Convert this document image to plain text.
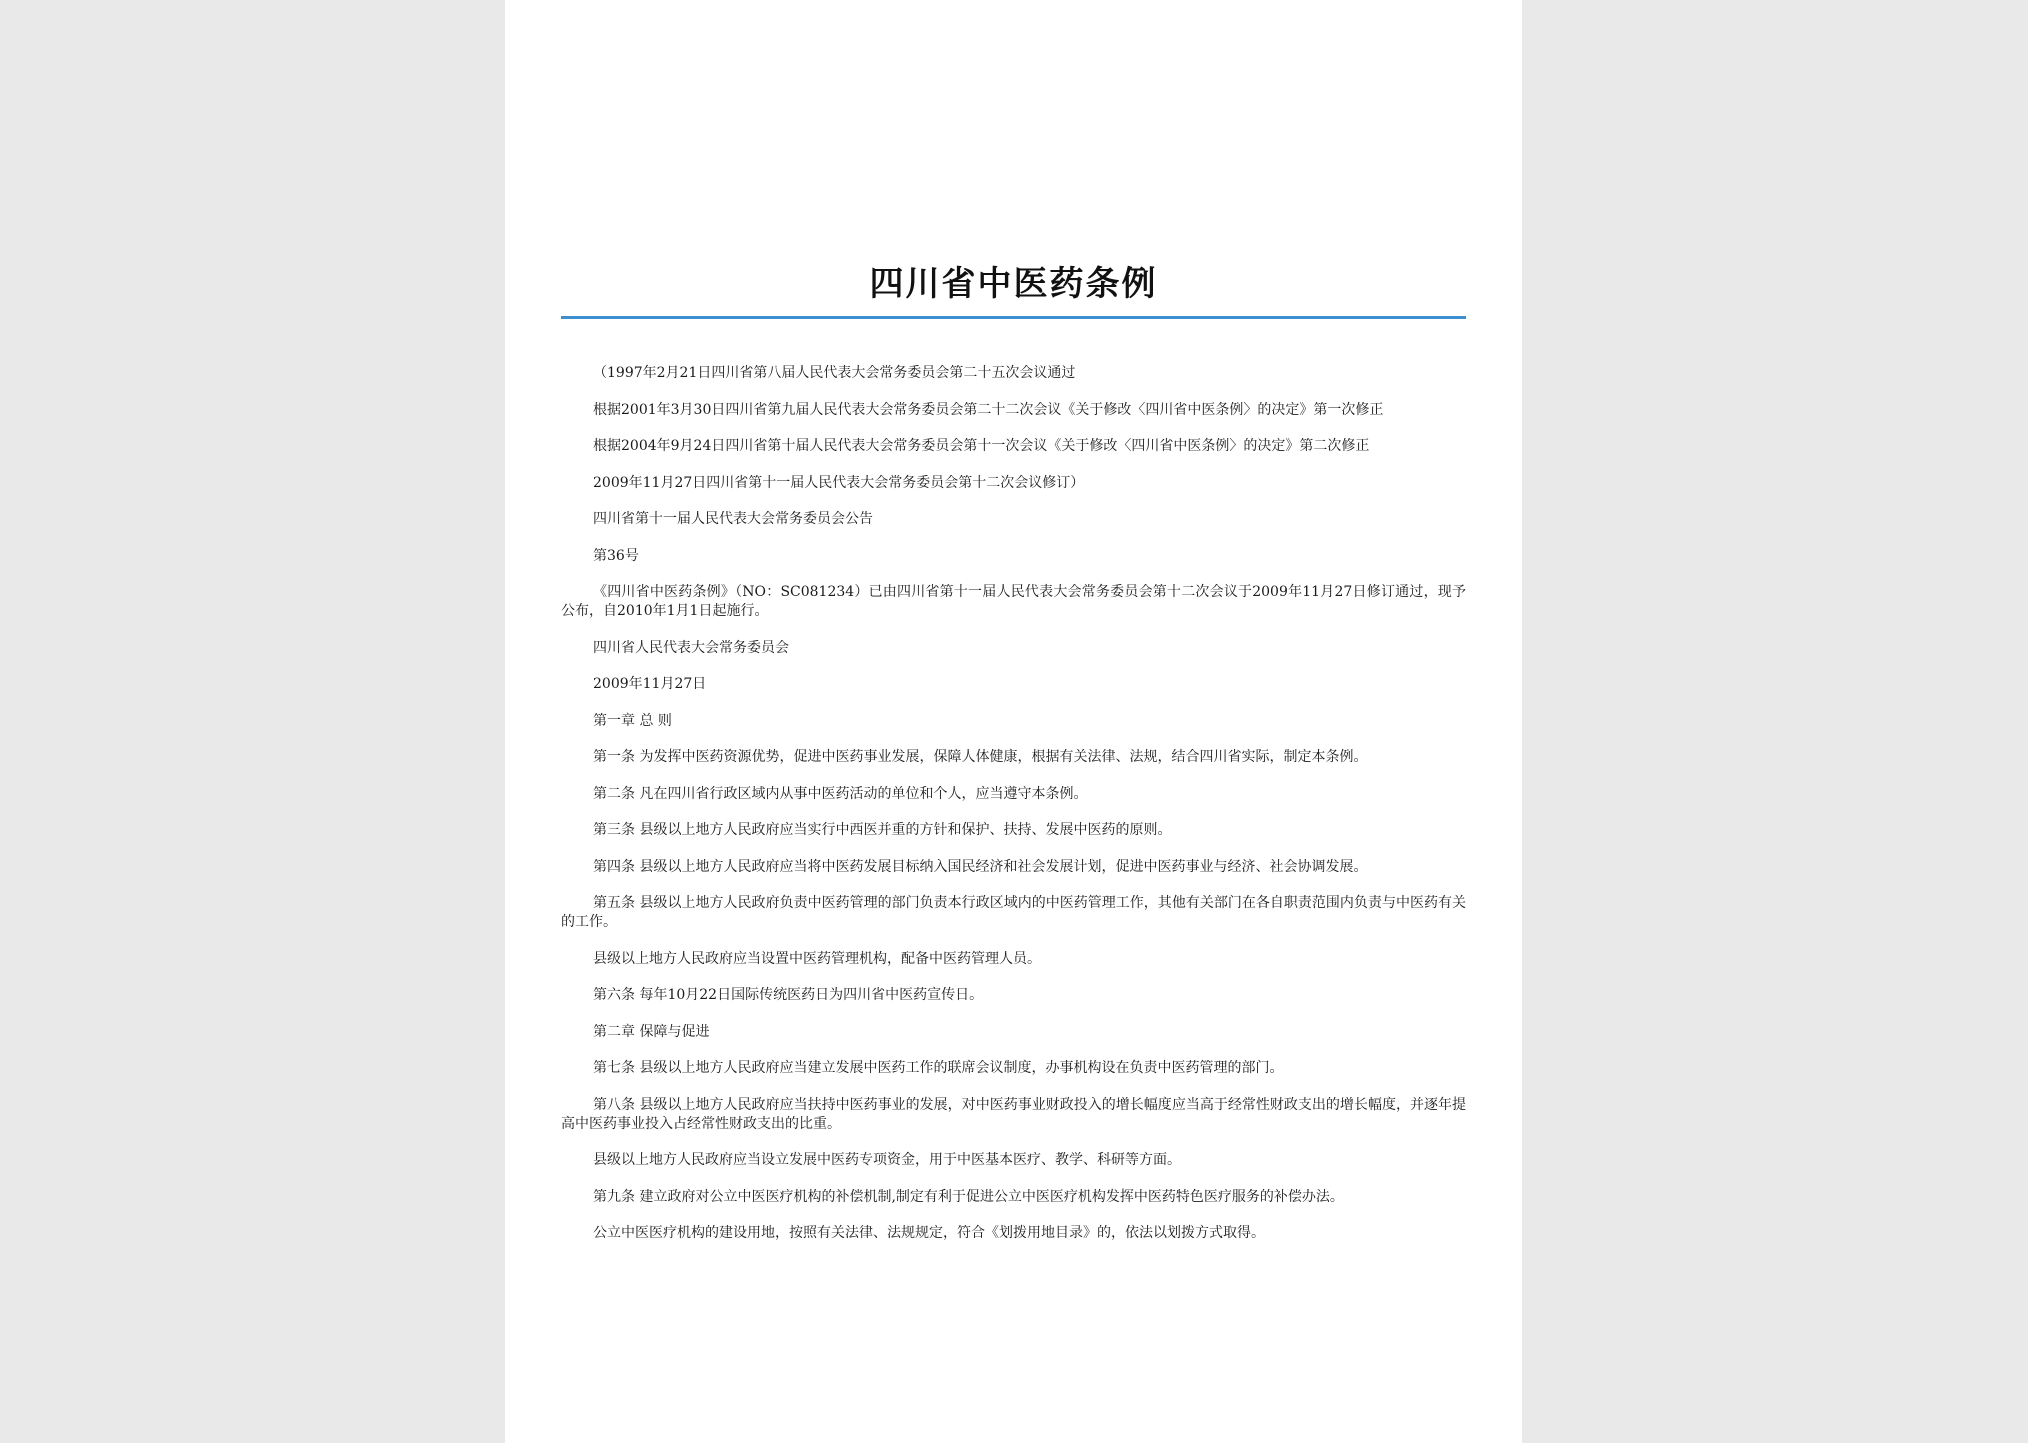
四川省中医药条例

（1997年2月21日四川省第八届人民代表大会常务委员会第二十五次会议通过

根据2001年3月30日四川省第九届人民代表大会常务委员会第二十二次会议《关于修改〈四川省中医条例〉的决定》第一次修正

根据2004年9月24日四川省第十届人民代表大会常务委员会第十一次会议《关于修改〈四川省中医条例〉的决定》第二次修正

2009年11月27日四川省第十一届人民代表大会常务委员会第十二次会议修订）

四川省第十一届人民代表大会常务委员会公告

第36号

《四川省中医药条例》（NO：SC081234）已由四川省第十一届人民代表大会常务委员会第十二次会议于2009年11月27日修订通过，现予公布，自2010年1月1日起施行。

四川省人民代表大会常务委员会

2009年11月27日

第一章 总 则

第一条 为发挥中医药资源优势，促进中医药事业发展，保障人体健康，根据有关法律、法规，结合四川省实际，制定本条例。

第二条 凡在四川省行政区域内从事中医药活动的单位和个人，应当遵守本条例。

第三条 县级以上地方人民政府应当实行中西医并重的方针和保护、扶持、发展中医药的原则。

第四条 县级以上地方人民政府应当将中医药发展目标纳入国民经济和社会发展计划，促进中医药事业与经济、社会协调发展。

第五条 县级以上地方人民政府负责中医药管理的部门负责本行政区域内的中医药管理工作，其他有关部门在各自职责范围内负责与中医药有关的工作。

县级以上地方人民政府应当设置中医药管理机构，配备中医药管理人员。

第六条 每年10月22日国际传统医药日为四川省中医药宣传日。

第二章 保障与促进

第七条 县级以上地方人民政府应当建立发展中医药工作的联席会议制度，办事机构设在负责中医药管理的部门。

第八条 县级以上地方人民政府应当扶持中医药事业的发展，对中医药事业财政投入的增长幅度应当高于经常性财政支出的增长幅度，并逐年提高中医药事业投入占经常性财政支出的比重。

县级以上地方人民政府应当设立发展中医药专项资金，用于中医基本医疗、教学、科研等方面。

第九条 建立政府对公立中医医疗机构的补偿机制,制定有利于促进公立中医医疗机构发挥中医药特色医疗服务的补偿办法。

公立中医医疗机构的建设用地，按照有关法律、法规规定，符合《划拨用地目录》的，依法以划拨方式取得。
